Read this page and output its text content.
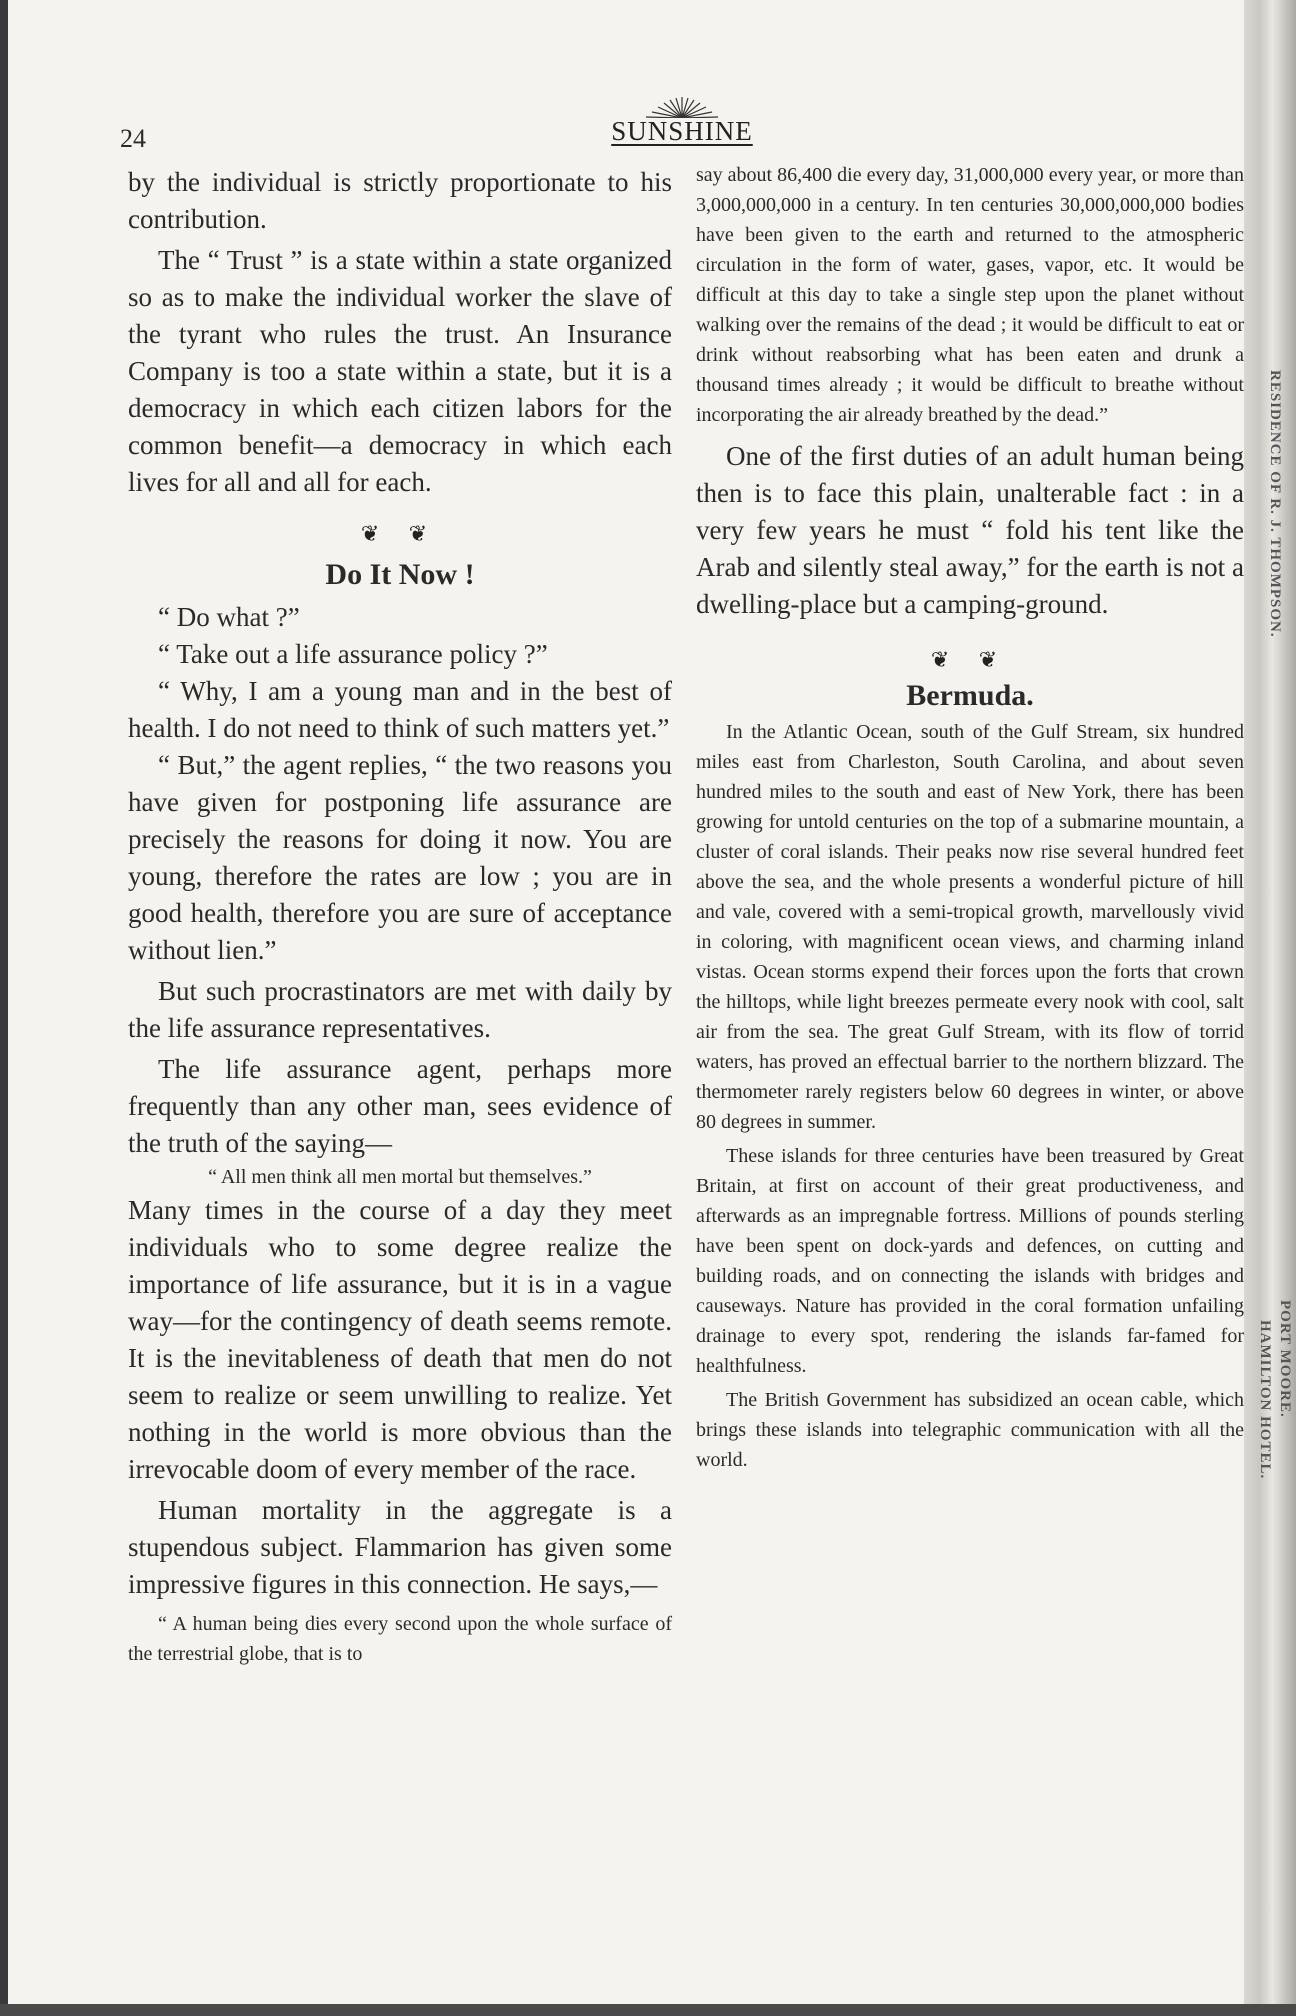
24	SUNSHINE

by the individual is strictly proportionate to his contribution.

The “ Trust ” is a state within a state organized so as to make the individual worker the slave of the tyrant who rules the trust. An Insurance Company is too a state within a state, but it is a democracy in which each citizen labors for the common benefit—a democracy in which each lives for all and all for each.

❦ ❦

Do It Now !

“ Do what ?”

“ Take out a life assurance policy ?”

“ Why, I am a young man and in the best of health. I do not need to think of such matters yet.”

“ But,” the agent replies, “ the two reasons you have given for postponing life assurance are precisely the reasons for doing it now. You are young, therefore the rates are low ; you are in good health, therefore you are sure of acceptance without lien.”

But such procrastinators are met with daily by the life assurance representatives.

The life assurance agent, perhaps more frequently than any other man, sees evidence of the truth of the saying—

“ All men think all men mortal but themselves.”

Many times in the course of a day they meet individuals who to some degree realize the importance of life assurance, but it is in a vague way—for the contingency of death seems remote. It is the inevitableness of death that men do not seem to realize or seem unwilling to realize. Yet nothing in the world is more obvious than the irrevocable doom of every member of the race.

Human mortality in the aggregate is a stupendous subject. Flammarion has given some impressive figures in this connection. He says,—

“ A human being dies every second upon the whole surface of the terrestrial globe, that is to

say about 86,400 die every day, 31,000,000 every year, or more than 3,000,000,000 in a century. In ten centuries 30,000,000,000 bodies have been given to the earth and returned to the atmospheric circulation in the form of water, gases, vapor, etc. It would be difficult at this day to take a single step upon the planet without walking over the remains of the dead ; it would be difficult to eat or drink without reabsorbing what has been eaten and drunk a thousand times already ; it would be difficult to breathe without incorporating the air already breathed by the dead.”

One of the first duties of an adult human being then is to face this plain, unalterable fact : in a very few years he must “ fold his tent like the Arab and silently steal away,” for the earth is not a dwelling-place but a camping-ground.

❦ ❦

Bermuda.

In the Atlantic Ocean, south of the Gulf Stream, six hundred miles east from Charleston, South Carolina, and about seven hundred miles to the south and east of New York, there has been growing for untold centuries on the top of a submarine mountain, a cluster of coral islands. Their peaks now rise several hundred feet above the sea, and the whole presents a wonderful picture of hill and vale, covered with a semi-tropical growth, marvellously vivid in coloring, with magnificent ocean views, and charming inland vistas. Ocean storms expend their forces upon the forts that crown the hilltops, while light breezes permeate every nook with cool, salt air from the sea. The great Gulf Stream, with its flow of torrid waters, has proved an effectual barrier to the northern blizzard. The thermometer rarely registers below 60 degrees in winter, or above 80 degrees in summer.

These islands for three centuries have been treasured by Great Britain, at first on account of their great productiveness, and afterwards as an impregnable fortress. Millions of pounds sterling have been spent on dock-yards and defences, on cutting and building roads, and on connecting the islands with bridges and causeways. Nature has provided in the coral formation unfailing drainage to every spot, rendering the islands far-famed for healthfulness.

The British Government has subsidized an ocean cable, which brings these islands into telegraphic communication with all the world.

RESIDENCE OF R. J. THOMPSON.
PORT MOORE.
HAMILTON HOTEL.
